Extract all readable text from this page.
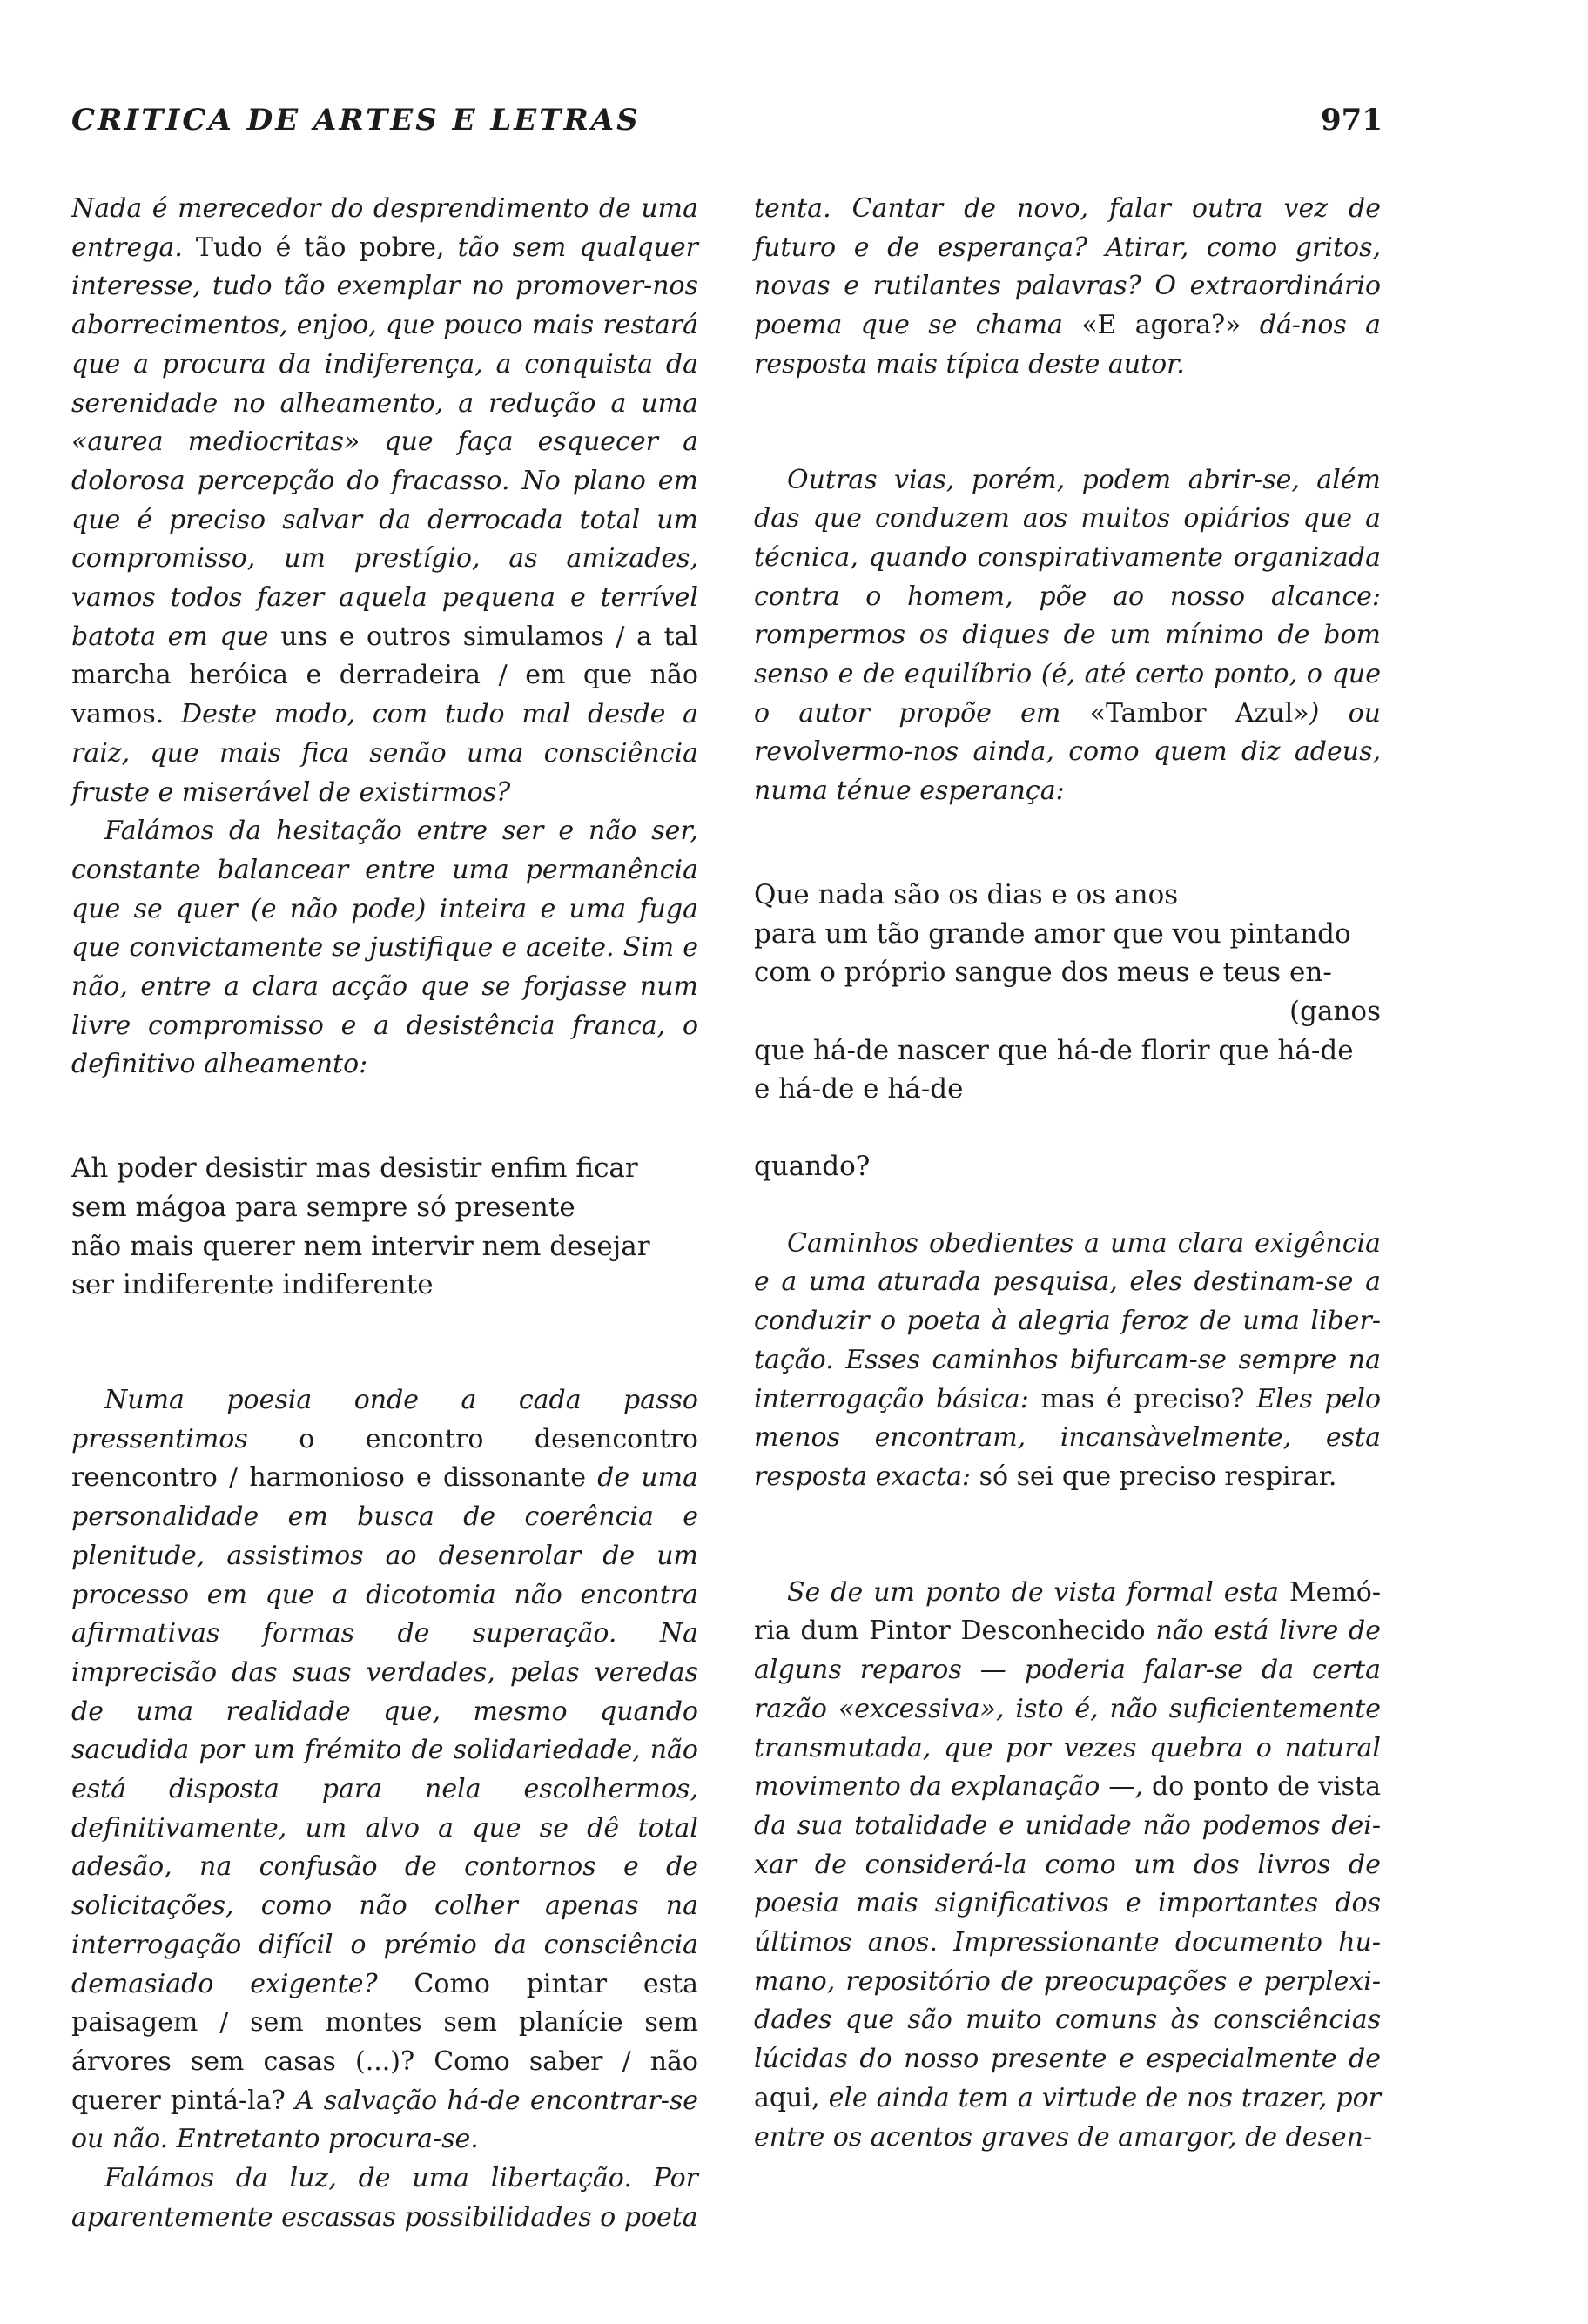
CRITICA DE ARTES E LETRAS	971

Nada é merecedor do desprendimento de uma entrega. Tudo é tão pobre, tão sem qualquer interesse, tudo tão exemplar no promover-nos aborrecimentos, enjoo, que pouco mais restará que a procura da indiferença, a conquista da serenidade no alheamento, a redução a uma «aurea mediocritas» que faça esquecer a dolorosa percepção do fracasso. No plano em que é preciso salvar da derrocada total um compromisso, um prestígio, as amizades, vamos todos fazer aquela pequena e terrível batota em que uns e outros simulamos / a tal marcha heróica e derradeira / em que não vamos. Deste modo, com tudo mal desde a raiz, que mais fica senão uma consciência fruste e miserável de existirmos?

Falámos da hesitação entre ser e não ser, constante balancear entre uma permanência que se quer (e não pode) inteira e uma fuga que convictamente se justifique e aceite. Sim e não, entre a clara acção que se forjasse num livre compromisso e a desistência franca, o definitivo alheamento:

Ah poder desistir mas desistir enfim ficar
sem mágoa para sempre só presente
não mais querer nem intervir nem desejar
ser indiferente indiferente

Numa poesia onde a cada passo pressentimos o encontro desencontro reencontro / harmonioso e dissonante de uma personalidade em busca de coerência e plenitude, assistimos ao desenrolar de um processo em que a dicotomia não encontra afirmativas formas de superação. Na imprecisão das suas verdades, pelas veredas de uma realidade que, mesmo quando sacudida por um frémito de solidariedade, não está disposta para nela escolhermos, definitivamente, um alvo a que se dê total adesão, na confusão de contornos e de solicitações, como não colher apenas na interrogação difícil o prémio da consciência demasiado exigente? Como pintar esta paisagem / sem montes sem planície sem árvores sem casas (...)? Como saber / não querer pintá-la? A salvação há-de encontrar-se ou não. Entretanto procura-se.

Falámos da luz, de uma libertação. Por aparentemente escassas possibilidades o poeta

tenta. Cantar de novo, falar outra vez de futuro e de esperança? Atirar, como gritos, novas e rutilantes palavras? O extraordinário poema que se chama «E agora?» dá-nos a resposta mais típica deste autor.

Outras vias, porém, podem abrir-se, além das que conduzem aos muitos opiários que a técnica, quando conspirativamente organizada contra o homem, põe ao nosso alcance: rompermos os diques de um mínimo de bom senso e de equilíbrio (é, até certo ponto, o que o autor propõe em «Tambor Azul») ou revolvermo-nos ainda, como quem diz adeus, numa ténue esperança:

Que nada são os dias e os anos
para um tão grande amor que vou pintando
com o próprio sangue dos meus e teus en-
(ganos
que há-de nascer que há-de florir que há-de
e há-de e há-de
quando?

Caminhos obedientes a uma clara exigência e a uma aturada pesquisa, eles destinam-se a conduzir o poeta à alegria feroz de uma libertação. Esses caminhos bifurcam-se sempre na interrogação básica: mas é preciso? Eles pelo menos encontram, incansàvelmente, esta resposta exacta: só sei que preciso respirar.

Se de um ponto de vista formal esta Memória dum Pintor Desconhecido não está livre de alguns reparos — poderia falar-se da certa razão «excessiva», isto é, não suficientemente transmutada, que por vezes quebra o natural movimento da explanação —, do ponto de vista da sua totalidade e unidade não podemos deixar de considerá-la como um dos livros de poesia mais significativos e importantes dos últimos anos. Impressionante documento humano, repositório de preocupações e perplexidades que são muito comuns às consciências lúcidas do nosso presente e especialmente de aqui, ele ainda tem a virtude de nos trazer, por entre os acentos graves de amargor, de desen-
